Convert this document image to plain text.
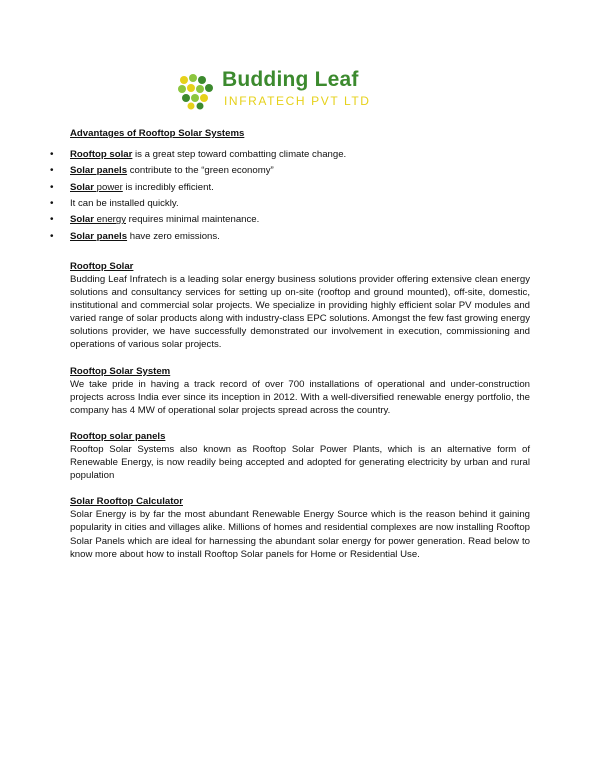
Budding Leaf
INFRATECH PVT LTD
Advantages of Rooftop Solar Systems
• Rooftop solar is a great step toward combatting climate change.
• Solar panels contribute to the “green economy”
• Solar power is incredibly efficient.
• It can be installed quickly.
• Solar energy requires minimal maintenance.
• Solar panels have zero emissions.
Rooftop Solar
Budding Leaf Infratech is a leading solar energy business solutions provider offering extensive clean energy solutions and consultancy services for setting up on-site (rooftop and ground mounted), off-site, domestic, institutional and commercial solar projects. We specialize in providing highly efficient solar PV modules and varied range of solar products along with industry-class EPC solutions. Amongst the few fast growing energy solutions provider, we have successfully demonstrated our involvement in execution, commissioning and operations of various solar projects.
Rooftop Solar System
We take pride in having a track record of over 700 installations of operational and under-construction projects across India ever since its inception in 2012. With a well-diversified renewable energy portfolio, the company has 4 MW of operational solar projects spread across the country.
Rooftop solar panels
Rooftop Solar Systems also known as Rooftop Solar Power Plants, which is an alternative form of Renewable Energy, is now readily being accepted and adopted for generating electricity by urban and rural population
Solar Rooftop Calculator
Solar Energy is by far the most abundant Renewable Energy Source which is the reason behind it gaining popularity in cities and villages alike. Millions of homes and residential complexes are now installing Rooftop Solar Panels which are ideal for harnessing the abundant solar energy for power generation. Read below to know more about how to install Rooftop Solar panels for Home or Residential Use.
